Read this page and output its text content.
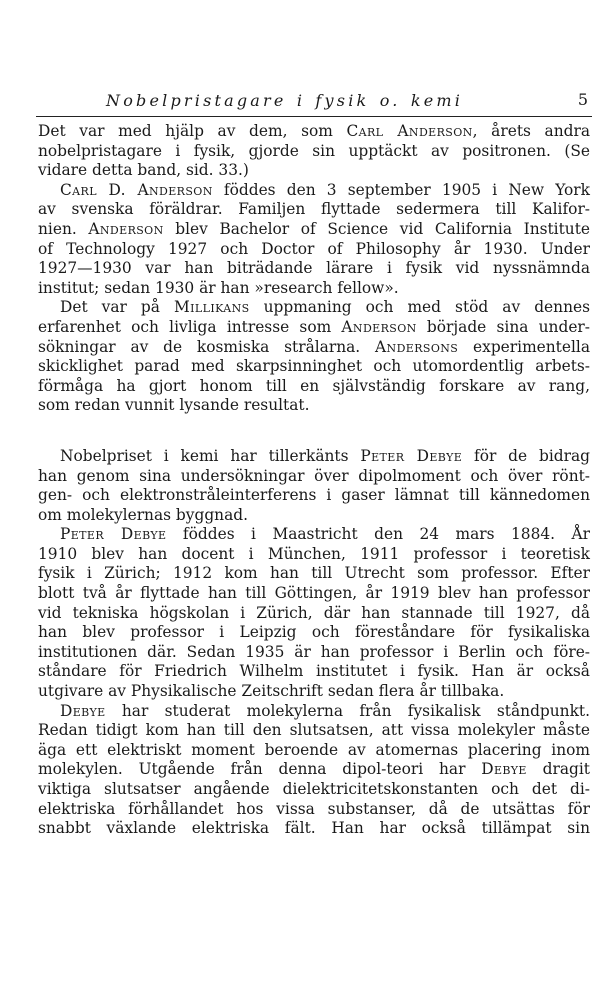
Nobelpristagare i fysik o. kemi	5
Det var med hjälp av dem, som Carl Anderson, årets andra
nobelpristagare i fysik, gjorde sin upptäckt av positronen. (Se
vidare detta band, sid. 33.)
Carl D. Anderson föddes den 3 september 1905 i New York
av svenska föräldrar. Familjen flyttade sedermera till Kalifor-
nien. Anderson blev Bachelor of Science vid California Institute
of Technology 1927 och Doctor of Philosophy år 1930. Under
1927—1930 var han biträdande lärare i fysik vid nyssnämnda
institut; sedan 1930 är han »research fellow».
Det var på Millikans uppmaning och med stöd av dennes
erfarenhet och livliga intresse som Anderson började sina under-
sökningar av de kosmiska strålarna. Andersons experimentella
skicklighet parad med skarpsinninghet och utomordentlig arbets-
förmåga ha gjort honom till en självständig forskare av rang,
som redan vunnit lysande resultat.
Nobelpriset i kemi har tillerkänts Peter Debye för de bidrag
han genom sina undersökningar över dipolmoment och över rönt-
gen- och elektronstråleinterferens i gaser lämnat till kännedomen
om molekylernas byggnad.
Peter Debye föddes i Maastricht den 24 mars 1884. År
1910 blev han docent i München, 1911 professor i teoretisk
fysik i Zürich; 1912 kom han till Utrecht som professor. Efter
blott två år flyttade han till Göttingen, år 1919 blev han professor
vid tekniska högskolan i Zürich, där han stannade till 1927, då
han blev professor i Leipzig och föreståndare för fysikaliska
institutionen där. Sedan 1935 är han professor i Berlin och före-
ståndare för Friedrich Wilhelm institutet i fysik. Han är också
utgivare av Physikalische Zeitschrift sedan flera år tillbaka.
Debye har studerat molekylerna från fysikalisk ståndpunkt.
Redan tidigt kom han till den slutsatsen, att vissa molekyler måste
äga ett elektriskt moment beroende av atomernas placering inom
molekylen. Utgående från denna dipol-teori har Debye dragit
viktiga slutsatser angående dielektricitetskonstanten och det di-
elektriska förhållandet hos vissa substanser, då de utsättas för
snabbt växlande elektriska fält. Han har också tillämpat sin
